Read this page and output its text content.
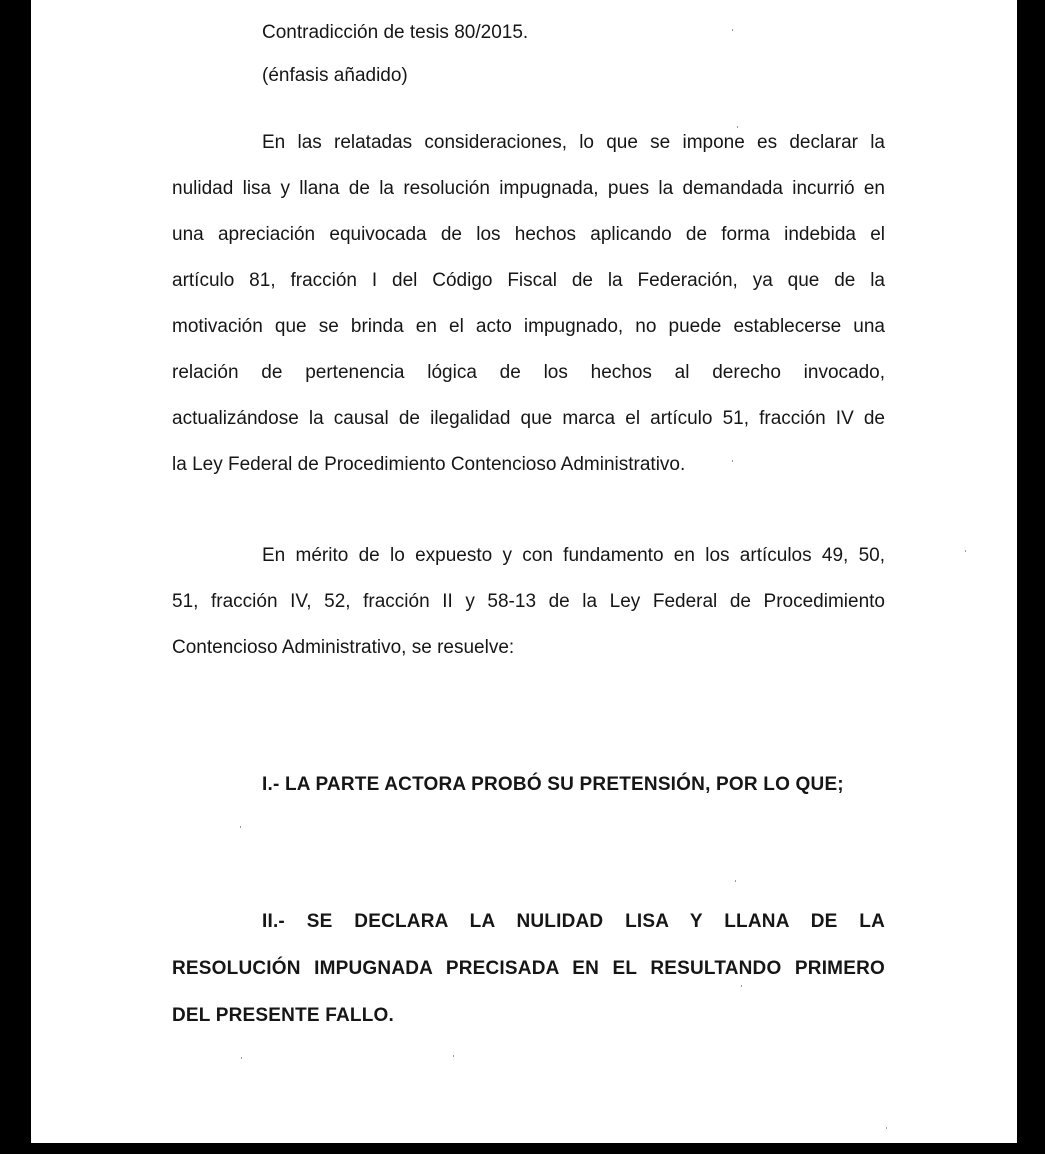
Contradicción de tesis 80/2015.

(énfasis añadido)

En las relatadas consideraciones, lo que se impone es declarar la

nulidad lisa y llana de la resolución impugnada, pues la demandada incurrió en

una apreciación equivocada de los hechos aplicando de forma indebida el

artículo 81, fracción I del Código Fiscal de la Federación, ya que de la

motivación que se brinda en el acto impugnado, no puede establecerse una

relación de pertenencia lógica de los hechos al derecho invocado,

actualizándose la causal de ilegalidad que marca el artículo 51, fracción IV de

la Ley Federal de Procedimiento Contencioso Administrativo.

En mérito de lo expuesto y con fundamento en los artículos 49, 50,

51, fracción IV, 52, fracción II y 58-13 de la Ley Federal de Procedimiento

Contencioso Administrativo, se resuelve:

I.- LA PARTE ACTORA PROBÓ SU PRETENSIÓN, POR LO QUE;

II.- SE DECLARA LA NULIDAD LISA Y LLANA DE LA

RESOLUCIÓN IMPUGNADA PRECISADA EN EL RESULTANDO PRIMERO

DEL PRESENTE FALLO.
